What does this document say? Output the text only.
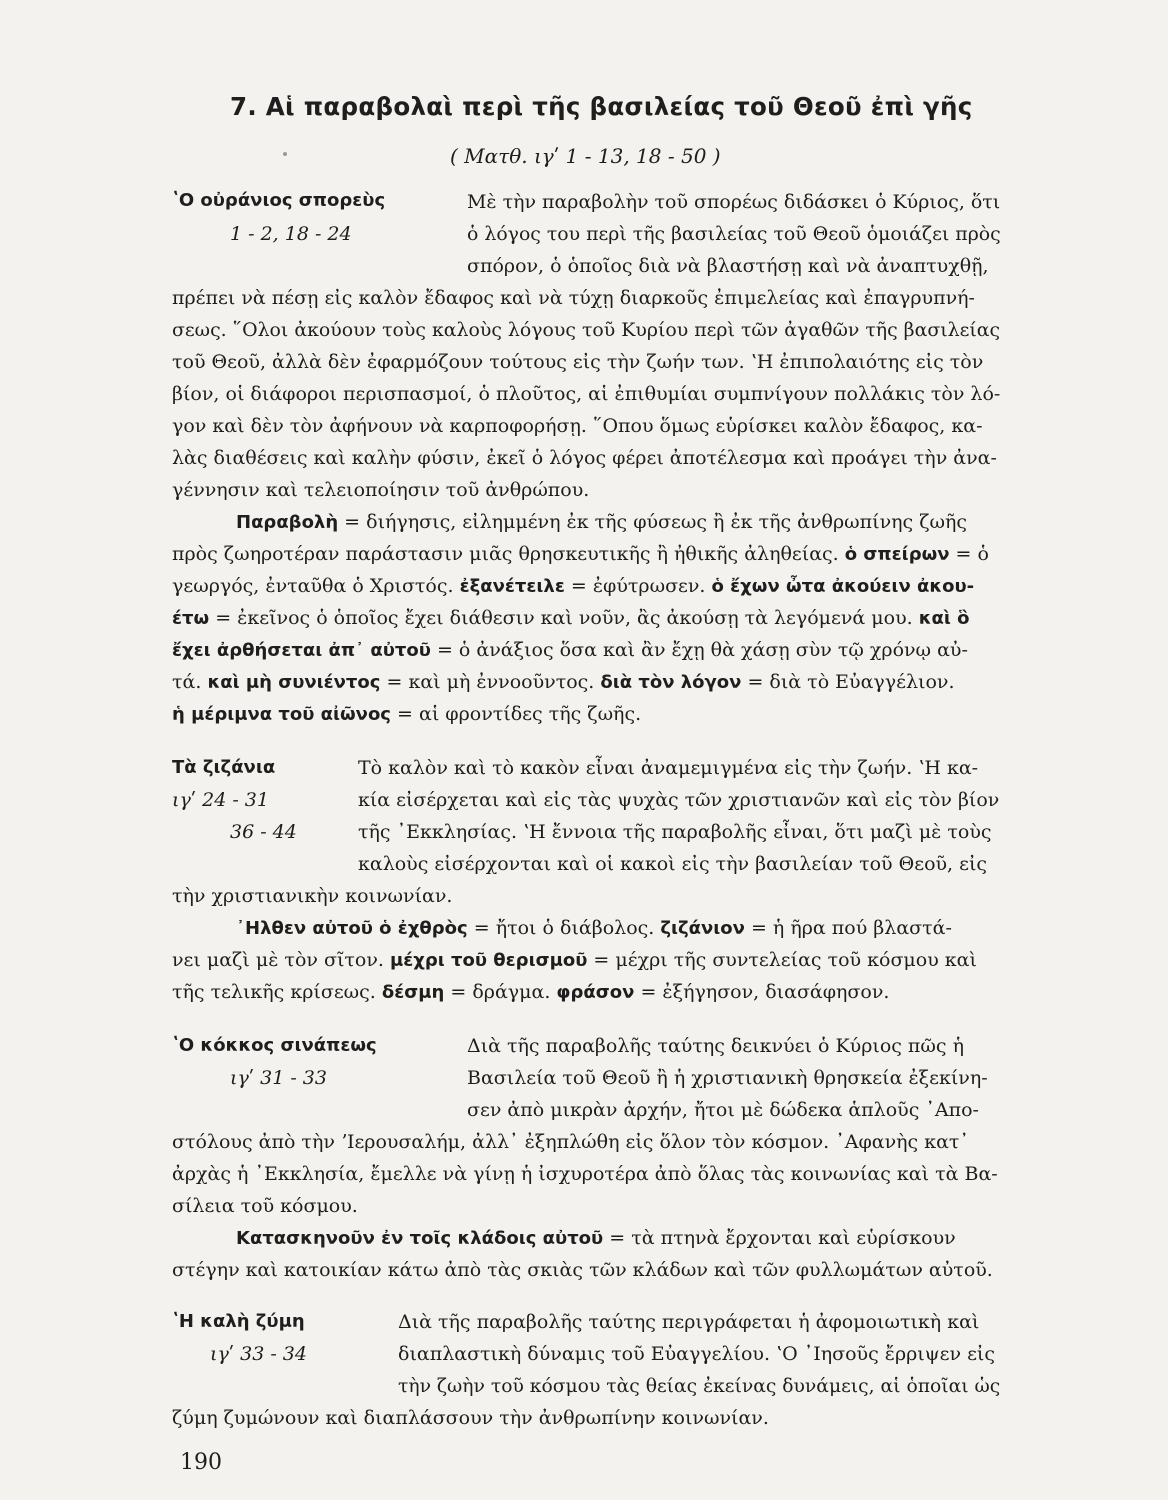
7. Αἱ παραβολαὶ περὶ τῆς βασιλείας τοῦ Θεοῦ ἐπὶ γῆς
( Ματθ. ιγʹ 1 - 13, 18 - 50 )
ʽΟ οὐράνιος σπορεὺς
1 - 2, 18 - 24
Μὲ τὴν παραβολὴν τοῦ σπορέως διδάσκει ὁ Κύριος, ὅτι
ὁ λόγος του περὶ τῆς βασιλείας τοῦ Θεοῦ ὁμοιάζει πρὸς
σπόρον, ὁ ὁποῖος διὰ νὰ βλαστήσῃ καὶ νὰ ἀναπτυχθῇ,
πρέπει νὰ πέσῃ εἰς καλὸν ἔδαφος καὶ νὰ τύχῃ διαρκοῦς ἐπιμελείας καὶ ἐπαγρυπνή-
σεως. ῞Ολοι ἀκούουν τοὺς καλοὺς λόγους τοῦ Κυρίου περὶ τῶν ἀγαθῶν τῆς βασιλείας
τοῦ Θεοῦ, ἀλλὰ δὲν ἐφαρμόζουν τούτους εἰς τὴν ζωήν των. ʽΗ ἐπιπολαιότης εἰς τὸν
βίον, οἱ διάφοροι περισπασμοί, ὁ πλοῦτος, αἱ ἐπιθυμίαι συμπνίγουν πολλάκις τὸν λό-
γον καὶ δὲν τὸν ἀφήνουν νὰ καρποφορήσῃ. ῞Οπου ὅμως εὑρίσκει καλὸν ἔδαφος, κα-
λὰς διαθέσεις καὶ καλὴν φύσιν, ἐκεῖ ὁ λόγος φέρει ἀποτέλεσμα καὶ προάγει τὴν ἀνα-
γέννησιν καὶ τελειοποίησιν τοῦ ἀνθρώπου.
Παραβολὴ = διήγησις, εἰλημμένη ἐκ τῆς φύσεως ἢ ἐκ τῆς ἀνθρωπίνης ζωῆς
πρὸς ζωηροτέραν παράστασιν μιᾶς θρησκευτικῆς ἢ ἠθικῆς ἀληθείας. ὁ σπείρων = ὁ
γεωργός, ἐνταῦθα ὁ Χριστός. ἐξανέτειλε = ἐφύτρωσεν. ὁ ἔχων ὦτα ἀκούειν ἀκου-
έτω = ἐκεῖνος ὁ ὁποῖος ἔχει διάθεσιν καὶ νοῦν, ἂς ἀκούσῃ τὰ λεγόμενά μου. καὶ ὃ
ἔχει ἀρθήσεται ἀπ᾽ αὐτοῦ = ὁ ἀνάξιος ὅσα καὶ ἂν ἔχῃ θὰ χάσῃ σὺν τῷ χρόνῳ αὐ-
τά. καὶ μὴ συνιέντος = καὶ μὴ ἐννοοῦντος. διὰ τὸν λόγον = διὰ τὸ Εὐαγγέλιον.
ἡ μέριμνα τοῦ αἰῶνος = αἱ φροντίδες τῆς ζωῆς.
Τὰ ζιζάνια
ιγʹ 24 - 31
36 - 44
Τὸ καλὸν καὶ τὸ κακὸν εἶναι ἀναμεμιγμένα εἰς τὴν ζωήν. ʽΗ κα-
κία εἰσέρχεται καὶ εἰς τὰς ψυχὰς τῶν χριστιανῶν καὶ εἰς τὸν βίον
τῆς ᾽Εκκλησίας. ʽΗ ἔννοια τῆς παραβολῆς εἶναι, ὅτι μαζὶ μὲ τοὺς
καλοὺς εἰσέρχονται καὶ οἱ κακοὶ εἰς τὴν βασιλείαν τοῦ Θεοῦ, εἰς
τὴν χριστιανικὴν κοινωνίαν.
᾽Ηλθεν αὐτοῦ ὁ ἐχθρὸς = ἤτοι ὁ διάβολος. ζιζάνιον = ἡ ῆρα πού βλαστά-
νει μαζὶ μὲ τὸν σῖτον. μέχρι τοῦ θερισμοῦ = μέχρι τῆς συντελείας τοῦ κόσμου καὶ
τῆς τελικῆς κρίσεως. δέσμη = δράγμα. φράσον = ἐξήγησον, διασάφησον.
ʽΟ κόκκος σινάπεως
ιγʹ 31 - 33
Διὰ τῆς παραβολῆς ταύτης δεικνύει ὁ Κύριος πῶς ἡ
Βασιλεία τοῦ Θεοῦ ἢ ἡ χριστιανικὴ θρησκεία ἐξεκίνη-
σεν ἀπὸ μικρὰν ἀρχήν, ἤτοι μὲ δώδεκα ἁπλοῦς ᾽Απο-
στόλους ἀπὸ τὴν ʼΙερουσαλήμ, ἀλλ᾽ ἐξηπλώθη εἰς ὅλον τὸν κόσμον. ᾽Αφανὴς κατ᾽
ἀρχὰς ἡ ᾽Εκκλησία, ἔμελλε νὰ γίνῃ ἡ ἰσχυροτέρα ἀπὸ ὅλας τὰς κοινωνίας καὶ τὰ Βα-
σίλεια τοῦ κόσμου.
Κατασκηνοῦν ἐν τοῖς κλάδοις αὐτοῦ = τὰ πτηνὰ ἔρχονται καὶ εὑρίσκουν
στέγην καὶ κατοικίαν κάτω ἀπὸ τὰς σκιὰς τῶν κλάδων καὶ τῶν φυλλωμάτων αὐτοῦ.
ʽΗ καλὴ ζύμη
ιγʹ 33 - 34
Διὰ τῆς παραβολῆς ταύτης περιγράφεται ἡ ἀφομοιωτικὴ καὶ
διαπλαστικὴ δύναμις τοῦ Εὐαγγελίου. ʽΟ ᾽Ιησοῦς ἔρριψεν εἰς
τὴν ζωὴν τοῦ κόσμου τὰς θείας ἐκείνας δυνάμεις, αἱ ὁποῖαι ὡς
ζύμη ζυμώνουν καὶ διαπλάσσουν τὴν ἀνθρωπίνην κοινωνίαν.
190
